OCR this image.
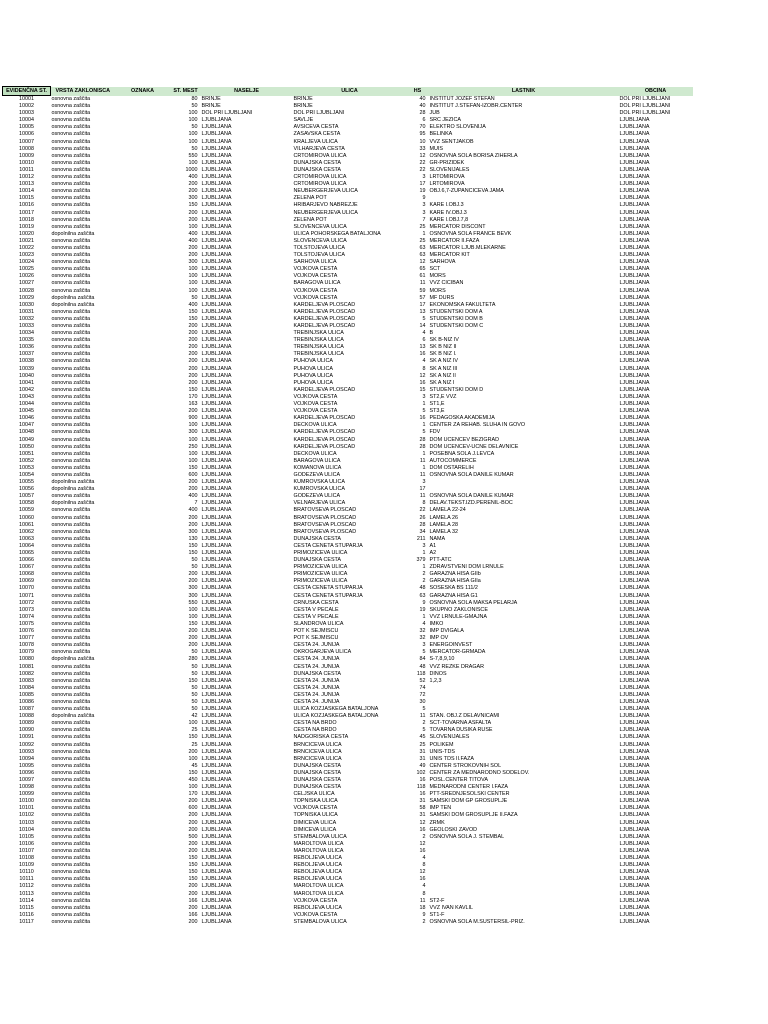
EVIDENČNA ST.	VRSTA ZAKLONISCA	OZNAKA	ST. MEST	NASELJE	ULICA	HS	LASTNIK	OBCINA
10001	osnovna zaščita		80	BRINJE	BRINJE	40	INŠTITUT JOŽEF ŠTEFAN	DOL PRI LJUBLJANI
10002	osnovna zaščita		50	BRINJE	BRINJE	40	INŠTITUT J.ŠTEFAN-IZOBR.CENTER	DOL PRI LJUBLJANI
10003	osnovna zaščita		100	DOL PRI LJUBLJANI	DOL PRI LJUBLJANI	28	JUB	DOL PRI LJUBLJANI
10004	osnovna zaščita		100	LJUBLJANA	SAVLJE	6	ŠRC JEŽICA	LJUBLJANA
10005	osnovna zaščita		50	LJUBLJANA	AVSIČEVA CESTA	70	ELEKTRO SLOVENIJA	LJUBLJANA
10006	osnovna zaščita		100	LJUBLJANA	ZASAVSKA CESTA	95	BELINKA	LJUBLJANA
10007	osnovna zaščita		100	LJUBLJANA	KRALJEVA ULICA	10	VVZ ŠENTJAKOB	LJUBLJANA
10008	osnovna zaščita		50	LJUBLJANA	VILHARJEVA CESTA	33	MUIS	LJUBLJANA
10009	osnovna zaščita		550	LJUBLJANA	ČRTOMIROVA ULICA	12	OSNOVNA ŠOLA BORISA ZIHERLA	LJUBLJANA
10010	osnovna zaščita		100	LJUBLJANA	DUNAJSKA CESTA	22	GR-PRIZIDEK	LJUBLJANA
10011	osnovna zaščita		1000	LJUBLJANA	DUNAJSKA CESTA	22	SLOVENIJALES	LJUBLJANA
10012	osnovna zaščita		400	LJUBLJANA	ČRTOMIROVA ULICA	3	LRTOMIROVA	LJUBLJANA
10013	osnovna zaščita		200	LJUBLJANA	ČRTOMIROVA ULICA	17	LRTOMIROVA	LJUBLJANA
10014	osnovna zaščita		200	LJUBLJANA	NEUBERGERJEVA ULICA	19	OBJ.6,7-ŽUPANČIČEVA JAMA	LJUBLJANA
10015	osnovna zaščita		300	LJUBLJANA	ZELENA POT	9		LJUBLJANA
10016	osnovna zaščita		150	LJUBLJANA	HRIBARJEVO NABREŽJE	3	KARE I.OBJ.3	LJUBLJANA
10017	osnovna zaščita		200	LJUBLJANA	NEUBERGERJEVA ULICA	3	KARE IV.OBJ.3	LJUBLJANA
10018	osnovna zaščita		200	LJUBLJANA	ZELENA POT	7	KARE I.OBJ.7,8	LJUBLJANA
10019	osnovna zaščita		100	LJUBLJANA	SLOVENČEVA ULICA	25	MERCATOR DISCONT	LJUBLJANA
10020	dopolnilna zaščita		400	LJUBLJANA	ULICA POHORSKEGA BATALJONA	1	OSNOVNA ŠOLA FRANCE BEVK	LJUBLJANA
10021	osnovna zaščita		400	LJUBLJANA	SLOVENČEVA ULICA	25	MERCATOR II.FAZA	LJUBLJANA
10022	osnovna zaščita		200	LJUBLJANA	TOLSTOJEVA ULICA	63	MERCATOR LJUB.MLEKARNE	LJUBLJANA
10023	osnovna zaščita		200	LJUBLJANA	TOLSTOJEVA ULICA	63	MERCATOR KIT	LJUBLJANA
10024	osnovna zaščita		300	LJUBLJANA	ŠARHOVA ULICA	12	ŠARHOVA	LJUBLJANA
10025	osnovna zaščita		100	LJUBLJANA	VOJKOVA CESTA	65	SCT	LJUBLJANA
10026	osnovna zaščita		100	LJUBLJANA	VOJKOVA CESTA	61	MORS	LJUBLJANA
10027	osnovna zaščita		100	LJUBLJANA	BARAGOVA ULICA	11	VVZ CICIBAN	LJUBLJANA
10028	osnovna zaščita		100	LJUBLJANA	VOJKOVA CESTA	59	MORS	LJUBLJANA
10029	dopolnilna zaščita		50	LJUBLJANA	VOJKOVA CESTA	57	MF DURS	LJUBLJANA
10030	dopolnilna zaščita		400	LJUBLJANA	KARDELJEVA PLOŠČAD	17	EKONOMSKA FAKULTETA	LJUBLJANA
10031	osnovna zaščita		150	LJUBLJANA	KARDELJEVA PLOŠČAD	13	ŠTUDENTSKI DOM A	LJUBLJANA
10032	osnovna zaščita		150	LJUBLJANA	KARDELJEVA PLOŠČAD	5	ŠTUDENTSKI DOM B	LJUBLJANA
10033	osnovna zaščita		200	LJUBLJANA	KARDELJEVA PLOŠČAD	14	ŠTUDENTSKI DOM C	LJUBLJANA
10034	osnovna zaščita		200	LJUBLJANA	TREBINJSKA ULICA	4	B	LJUBLJANA
10035	osnovna zaščita		200	LJUBLJANA	TREBINJSKA ULICA	6	SK B-NIZ IV	LJUBLJANA
10036	osnovna zaščita		200	LJUBLJANA	TREBINJSKA ULICA	13	SK B NIZ II	LJUBLJANA
10037	osnovna zaščita		200	LJUBLJANA	TREBINJSKA ULICA	16	SK B NIZ I.	LJUBLJANA
10038	osnovna zaščita		200	LJUBLJANA	PUHOVA ULICA	4	SK A NIZ IV	LJUBLJANA
10039	osnovna zaščita		200	LJUBLJANA	PUHOVA ULICA	8	SK A NIZ III	LJUBLJANA
10040	osnovna zaščita		200	LJUBLJANA	PUHOVA ULICA	12	SK A NIZ II	LJUBLJANA
10041	osnovna zaščita		200	LJUBLJANA	PUHOVA ULICA	16	SK A NIZ I	LJUBLJANA
10042	osnovna zaščita		150	LJUBLJANA	KARDELJEVA PLOŠČAD	15	ŠTUDENTSKI DOM D	LJUBLJANA
10043	osnovna zaščita		170	LJUBLJANA	VOJKOVA CESTA	3	ST2,E VVZ	LJUBLJANA
10044	osnovna zaščita		163	LJUBLJANA	VOJKOVA CESTA	1	ST1,E	LJUBLJANA
10045	osnovna zaščita		200	LJUBLJANA	VOJKOVA CESTA	5	ST3,E	LJUBLJANA
10046	osnovna zaščita		900	LJUBLJANA	KARDELJEVA PLOŠČAD	16	PEDAGOŠKA AKADEMIJA	LJUBLJANA
10047	osnovna zaščita		100	LJUBLJANA	DEČKOVA ULICA	1	CENTER ZA REHAB. SLUHA IN GOVO	LJUBLJANA
10048	osnovna zaščita		300	LJUBLJANA	KARDELJEVA PLOŠČAD	5	FDV	LJUBLJANA
10049	osnovna zaščita		100	LJUBLJANA	KARDELJEVA PLOŠČAD	28	DOM UČENCEV BEŽIGRAD	LJUBLJANA
10050	osnovna zaščita		250	LJUBLJANA	KARDELJEVA PLOŠČAD	28	DOM UČENCEV-UČNE DELAVNICE	LJUBLJANA
10051	osnovna zaščita		100	LJUBLJANA	DEČKOVA ULICA	1	POSEBNA ŠOLA J.LEVCA	LJUBLJANA
10052	osnovna zaščita		100	LJUBLJANA	BARAGOVA ULICA	11	AUTOCOMMERCE	LJUBLJANA
10053	osnovna zaščita		150	LJUBLJANA	KOMANOVA ULICA	1	DOM OSTARELIH	LJUBLJANA
10054	osnovna zaščita		600	LJUBLJANA	GODEŽEVA ULICA	11	OSNOVNA ŠOLA DANILE KUMAR	LJUBLJANA
10055	dopolnilna zaščita		200	LJUBLJANA	KUMROVŠKA ULICA	3		LJUBLJANA
10056	dopolnilna zaščita		200	LJUBLJANA	KUMROVŠKA ULICA	17		LJUBLJANA
10057	osnovna zaščita		400	LJUBLJANA	GODEŽEVA ULICA	11	OSNOVNA ŠOLA DANILE KUMAR	LJUBLJANA
10058	dopolnilna zaščita		7	LJUBLJANA	VELNARJEVA ULICA	8	DELAV.TEKST.IZD.PERENIL-BOC	LJUBLJANA
10059	osnovna zaščita		400	LJUBLJANA	BRATOVŠEVA PLOŠČAD	22	LAMELA 22-24	LJUBLJANA
10060	osnovna zaščita		200	LJUBLJANA	BRATOVŠEVA PLOŠČAD	26	LAMELA 26	LJUBLJANA
10061	osnovna zaščita		200	LJUBLJANA	BRATOVŠEVA PLOŠČAD	28	LAMELA 28	LJUBLJANA
10062	osnovna zaščita		300	LJUBLJANA	BRATOVŠEVA PLOŠČAD	34	LAMELA 32	LJUBLJANA
10063	osnovna zaščita		130	LJUBLJANA	DUNAJSKA CESTA	211	NAMA	LJUBLJANA
10064	osnovna zaščita		150	LJUBLJANA	CESTA CENETA ŠTUPARJA	3	A1	LJUBLJANA
10065	osnovna zaščita		150	LJUBLJANA	PRIMOŽIČEVA ULICA	1	A2	LJUBLJANA
10066	osnovna zaščita		50	LJUBLJANA	DUNAJSKA CESTA	379	PTT-ATC	LJUBLJANA
10067	osnovna zaščita		50	LJUBLJANA	PRIMOŽIČEVA ULICA	1	ZDRAVSTVENI DOM LRNULE	LJUBLJANA
10068	osnovna zaščita		200	LJUBLJANA	PRIMOŽIČEVA ULICA	2	GARAŽNA HIŠA GIIb	LJUBLJANA
10069	osnovna zaščita		200	LJUBLJANA	PRIMOŽIČEVA ULICA	2	GARAŽNA HIŠA GIIa	LJUBLJANA
10070	osnovna zaščita		300	LJUBLJANA	CESTA CENETA ŠTUPARJA	48	SOSESKA BS 111/2	LJUBLJANA
10071	osnovna zaščita		300	LJUBLJANA	CESTA CENETA ŠTUPARJA	63	GARAŽNA HIŠA G1	LJUBLJANA
10072	osnovna zaščita		550	LJUBLJANA	ČRNUŠKA CESTA	9	OSNOVNA ŠOLA MAKSA PELARJA	LJUBLJANA
10073	osnovna zaščita		100	LJUBLJANA	CESTA V PEČALE	19	SKUPNO ZAKLONIŠČE	LJUBLJANA
10074	osnovna zaščita		100	LJUBLJANA	CESTA V PEČALE	1	VVZ LRNULE-GMAJNA	LJUBLJANA
10075	osnovna zaščita		150	LJUBLJANA	ŠLANDROVA ULICA	4	IMKO	LJUBLJANA
10076	osnovna zaščita		200	LJUBLJANA	POT K SEJMIŠČU	32	IMP DVIGALA	LJUBLJANA
10077	osnovna zaščita		200	LJUBLJANA	POT K SEJMIŠČU	32	IMP OV	LJUBLJANA
10078	osnovna zaščita		200	LJUBLJANA	CESTA 24. JUNIJA	3	ENERGOINVEST	LJUBLJANA
10079	osnovna zaščita		50	LJUBLJANA	OKROGARJEVA ULICA	5	MERCATOR-GRMADA	LJUBLJANA
10080	dopolnilna zaščita		280	LJUBLJANA	CESTA 24. JUNIJA	84	S-7,8,9,10	LJUBLJANA
10081	osnovna zaščita		50	LJUBLJANA	CESTA 24. JUNIJA	48	VVZ REZKE DRAGAR	LJUBLJANA
10082	osnovna zaščita		50	LJUBLJANA	DUNAJSKA CESTA	118	DINOS	LJUBLJANA
10083	osnovna zaščita		150	LJUBLJANA	CESTA 24. JUNIJA	52	1,2,3	LJUBLJANA
10084	osnovna zaščita		50	LJUBLJANA	CESTA 24. JUNIJA	74		LJUBLJANA
10085	osnovna zaščita		50	LJUBLJANA	CESTA 24. JUNIJA	72		LJUBLJANA
10086	osnovna zaščita		50	LJUBLJANA	CESTA 24. JUNIJA	30		LJUBLJANA
10087	osnovna zaščita		50	LJUBLJANA	ULICA KOZJAŠKEGA BATALJONA	5		LJUBLJANA
10088	dopolnilna zaščita		42	LJUBLJANA	ULICA KOZJAŠKEGA BATALJONA	11	STAN. OBJ.Z DELAVNICAMI	LJUBLJANA
10089	osnovna zaščita		100	LJUBLJANA	CESTA NA BRDO	2	SCT-TOVARNA ASFALTA	LJUBLJANA
10090	osnovna zaščita		25	LJUBLJANA	CESTA NA BRDO	5	TOVARNA DUŠIKA RUŠE	LJUBLJANA
10091	osnovna zaščita		150	LJUBLJANA	NADGORIŠKA CESTA	45	SLOVENIJALES	LJUBLJANA
10092	osnovna zaščita		25	LJUBLJANA	BRNČIČEVA ULICA	25	POLIKEM	LJUBLJANA
10093	osnovna zaščita		200	LJUBLJANA	BRNČIČEVA ULICA	31	UNIS-TDS	LJUBLJANA
10094	osnovna zaščita		100	LJUBLJANA	BRNČIČEVA ULICA	31	UNIS TDS II.FAZA	LJUBLJANA
10095	osnovna zaščita		45	LJUBLJANA	DUNAJSKA CESTA	49	CENTER STROKOVNIH ŠOL	LJUBLJANA
10096	osnovna zaščita		150	LJUBLJANA	DUNAJSKA CESTA	102	CENTER ZA MEDNARODNO SODELOV.	LJUBLJANA
10097	osnovna zaščita		450	LJUBLJANA	DUNAJSKA CESTA	16	POSL.CENTER TITOVA	LJUBLJANA
10098	osnovna zaščita		100	LJUBLJANA	DUNAJSKA CESTA	118	MEDNARODNI CENTER I.FAZA	LJUBLJANA
10099	osnovna zaščita		170	LJUBLJANA	CELJSKA ULICA	16	PTT-SREDNJEŠOLSKI CENTER	LJUBLJANA
10100	osnovna zaščita		200	LJUBLJANA	TOPNIŠKA ULICA	31	SAMSKI DOM GP GROSUPLJE	LJUBLJANA
10101	osnovna zaščita		600	LJUBLJANA	VOJKOVA CESTA	58	IMP TEN	LJUBLJANA
10102	osnovna zaščita		200	LJUBLJANA	TOPNIŠKA ULICA	31	SAMSKI DOM GROSUPLJE II.FAZA	LJUBLJANA
10103	osnovna zaščita		200	LJUBLJANA	DIMIČEVA ULICA	12	ZRMK	LJUBLJANA
10104	osnovna zaščita		200	LJUBLJANA	DIMIČEVA ULICA	16	GEOLOŠKI ZAVOD	LJUBLJANA
10105	osnovna zaščita		500	LJUBLJANA	ŠTEMBALOVA ULICA	2	OSNOVNA ŠOLA J. ŠTEMBAL	LJUBLJANA
10106	osnovna zaščita		200	LJUBLJANA	MAROLTOVA ULICA	12		LJUBLJANA
10107	osnovna zaščita		200	LJUBLJANA	MAROLTOVA ULICA	16		LJUBLJANA
10108	osnovna zaščita		150	LJUBLJANA	REBOLJEVA ULICA	4		LJUBLJANA
10109	osnovna zaščita		150	LJUBLJANA	REBOLJEVA ULICA	8		LJUBLJANA
10110	osnovna zaščita		150	LJUBLJANA	REBOLJEVA ULICA	12		LJUBLJANA
10111	osnovna zaščita		150	LJUBLJANA	REBOLJEVA ULICA	16		LJUBLJANA
10112	osnovna zaščita		200	LJUBLJANA	MAROLTOVA ULICA	4		LJUBLJANA
10113	osnovna zaščita		200	LJUBLJANA	MAROLTOVA ULICA	8		LJUBLJANA
10114	osnovna zaščita		166	LJUBLJANA	VOJKOVA CESTA	11	ST2-F	LJUBLJANA
10115	osnovna zaščita		200	LJUBLJANA	REBOLJEVA ULICA	18	VVZ IVAN KAVLIL	LJUBLJANA
10116	osnovna zaščita		166	LJUBLJANA	VOJKOVA CESTA	9	ST1-F	LJUBLJANA
10117	osnovna zaščita		200	LJUBLJANA	ŠTEMBALOVA ULICA	2	OSNOVNA ŠOLA M.ŠUŠTERŠIL-PRIZ.	LJUBLJANA
